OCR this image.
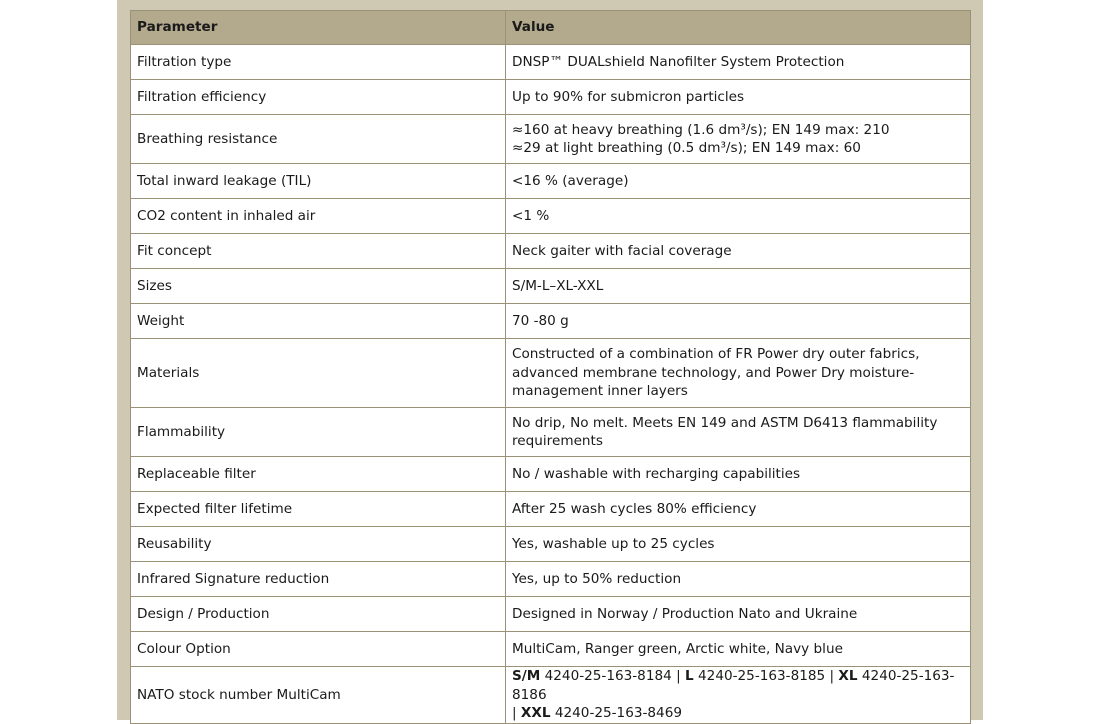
Parameter	Value
Filtration type	DNSP™ DUALshield Nanofilter System Protection
Filtration efficiency	Up to 90% for submicron particles
Breathing resistance	≈160 at heavy breathing (1.6 dm³/s); EN 149 max: 210
≈29 at light breathing (0.5 dm³/s); EN 149 max: 60
Total inward leakage (TIL)	<16 % (average)
CO2 content in inhaled air	<1 %
Fit concept	Neck gaiter with facial coverage
Sizes	S/M-L–XL-XXL
Weight	70 -80 g
Materials	Constructed of a combination of FR Power dry outer fabrics,
advanced membrane technology, and Power Dry moisture-
management inner layers
Flammability	No drip, No melt. Meets EN 149 and ASTM D6413 flammability
requirements
Replaceable filter	No / washable with recharging capabilities
Expected filter lifetime	After 25 wash cycles 80% efficiency
Reusability	Yes, washable up to 25 cycles
Infrared Signature reduction	Yes, up to 50% reduction
Design / Production	Designed in Norway / Production Nato and Ukraine
Colour Option	MultiCam, Ranger green, Arctic white, Navy blue
NATO stock number MultiCam	S/M 4240-25-163-8184 | L 4240-25-163-8185 | XL 4240-25-163-8186
| XXL 4240-25-163-8469
